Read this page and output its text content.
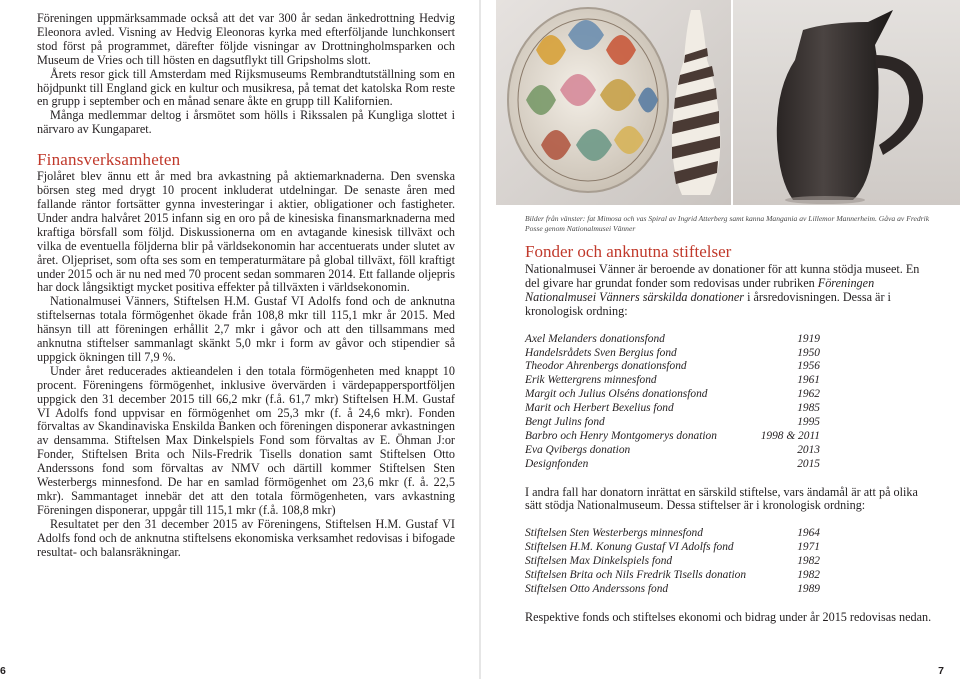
Föreningen uppmärksammade också att det var 300 år sedan änkedrottning Hedvig Eleonora avled. Visning av Hedvig Eleonoras kyrka med efterföljande lunchkonsert stod först på programmet, därefter följde visningar av Drottningholmsparken och Museum de Vries och till hösten en dagsutflykt till Gripsholms slott.

Årets resor gick till Amsterdam med Rijksmuseums Rembrandtutställning som en höjdpunkt till England gick en kultur och musikresa, på temat det katolska Rom reste en grupp i september och en månad senare åkte en grupp till Kalifornien.

Många medlemmar deltog i årsmötet som hölls i Rikssalen på Kungliga slottet i närvaro av Kungaparet.

Finansverksamheten

Fjolåret blev ännu ett år med bra avkastning på aktiemarknaderna. Den svenska börsen steg med drygt 10 procent inkluderat utdelningar. De senaste åren med fallande räntor fortsätter gynna investeringar i aktier, obligationer och fastigheter. Under andra halvåret 2015 infann sig en oro på de kinesiska finansmarknaderna med kraftiga börsfall som följd. Diskussionerna om en avtagande kinesisk tillväxt och vilka de eventuella följderna blir på världsekonomin har accentuerats under slutet av året. Oljepriset, som ofta ses som en temperaturmätare på global tillväxt, föll kraftigt under 2015 och är nu ned med 70 procent sedan sommaren 2014. Ett fallande oljepris har dock långsiktigt mycket positiva effekter på tillväxten i världsekonomin.

Nationalmusei Vänners, Stiftelsen H.M. Gustaf VI Adolfs fond och de anknutna stiftelsernas totala förmögenhet ökade från 108,8 mkr till 115,1 mkr år 2015. Med hänsyn till att föreningen erhållit 2,7 mkr i gåvor och att den tillsammans med anknutna stiftelser sammanlagt skänkt 5,0 mkr i form av gåvor och stipendier så uppgick ökningen till 7,9 %.

Under året reducerades aktieandelen i den totala förmögenheten med knappt 10 procent. Föreningens förmögenhet, inklusive övervärden i värdepappersportföljen uppgick den 31 december 2015 till 66,2 mkr (f.å. 61,7 mkr) Stiftelsen H.M. Gustaf VI Adolfs fond uppvisar en förmögenhet om 25,3 mkr (f. å 24,6 mkr). Fonden förvaltas av Skandinaviska Enskilda Banken och föreningen disponerar avkastningen av densamma. Stiftelsen Max Dinkelspiels Fond som förvaltas av E. Öhman J:or Fonder, Stiftelsen Brita och Nils-Fredrik Tisells donation samt Stiftelsen Otto Anderssons fond som förvaltas av NMV och därtill kommer Stiftelsen Sten Westerbergs minnesfond. De har en samlad förmögenhet om 23,6 mkr (f. å. 22,5 mkr). Sammantaget innebär det att den totala förmögenheten, vars avkastning Föreningen disponerar, uppgår till 115,1 mkr (f.å. 108,8 mkr)

Resultatet per den 31 december 2015 av Föreningens, Stiftelsen H.M. Gustaf VI Adolfs fond och de anknutna stiftelsens ekonomiska verksamhet redovisas i bifogade resultat- och balansräkningar.

6
Bilder från vänster: fat Mimosa och vas Spiral av Ingrid Atterberg samt kanna Mangania av Lillemor Mannerheim. Gåva av Fredrik Posse genom Nationalmusei Vänner
Fonder och anknutna stiftelser

Nationalmusei Vänner är beroende av donationer för att kunna stödja museet. En del givare har grundat fonder som redovisas under rubriken Föreningen Nationalmusei Vänners särskilda donationer i årsredovisningen. Dessa är i kronologisk ordning:

Axel Melanders donationsfond	1919
Handelsrådets Sven Bergius fond	1950
Theodor Ahrenbergs donationsfond	1956
Erik Wettergrens minnesfond	1961
Margit och Julius Olséns donationsfond	1962
Marit och Herbert Bexelius fond	1985
Bengt Julins fond	1995
Barbro och Henry Montgomerys donation	1998 & 2011
Eva Qvibergs donation	2013
Designfonden	2015

I andra fall har donatorn inrättat en särskild stiftelse, vars ändamål är att på olika sätt stödja Nationalmuseum. Dessa stiftelser är i kronologisk ordning:

Stiftelsen Sten Westerbergs minnesfond	1964
Stiftelsen H.M. Konung Gustaf VI Adolfs fond	1971
Stiftelsen Max Dinkelspiels fond	1982
Stiftelsen Brita och Nils Fredrik Tisells donation	1982
Stiftelsen Otto Anderssons fond	1989

Respektive fonds och stiftelses ekonomi och bidrag under år 2015 redovisas nedan.

7
